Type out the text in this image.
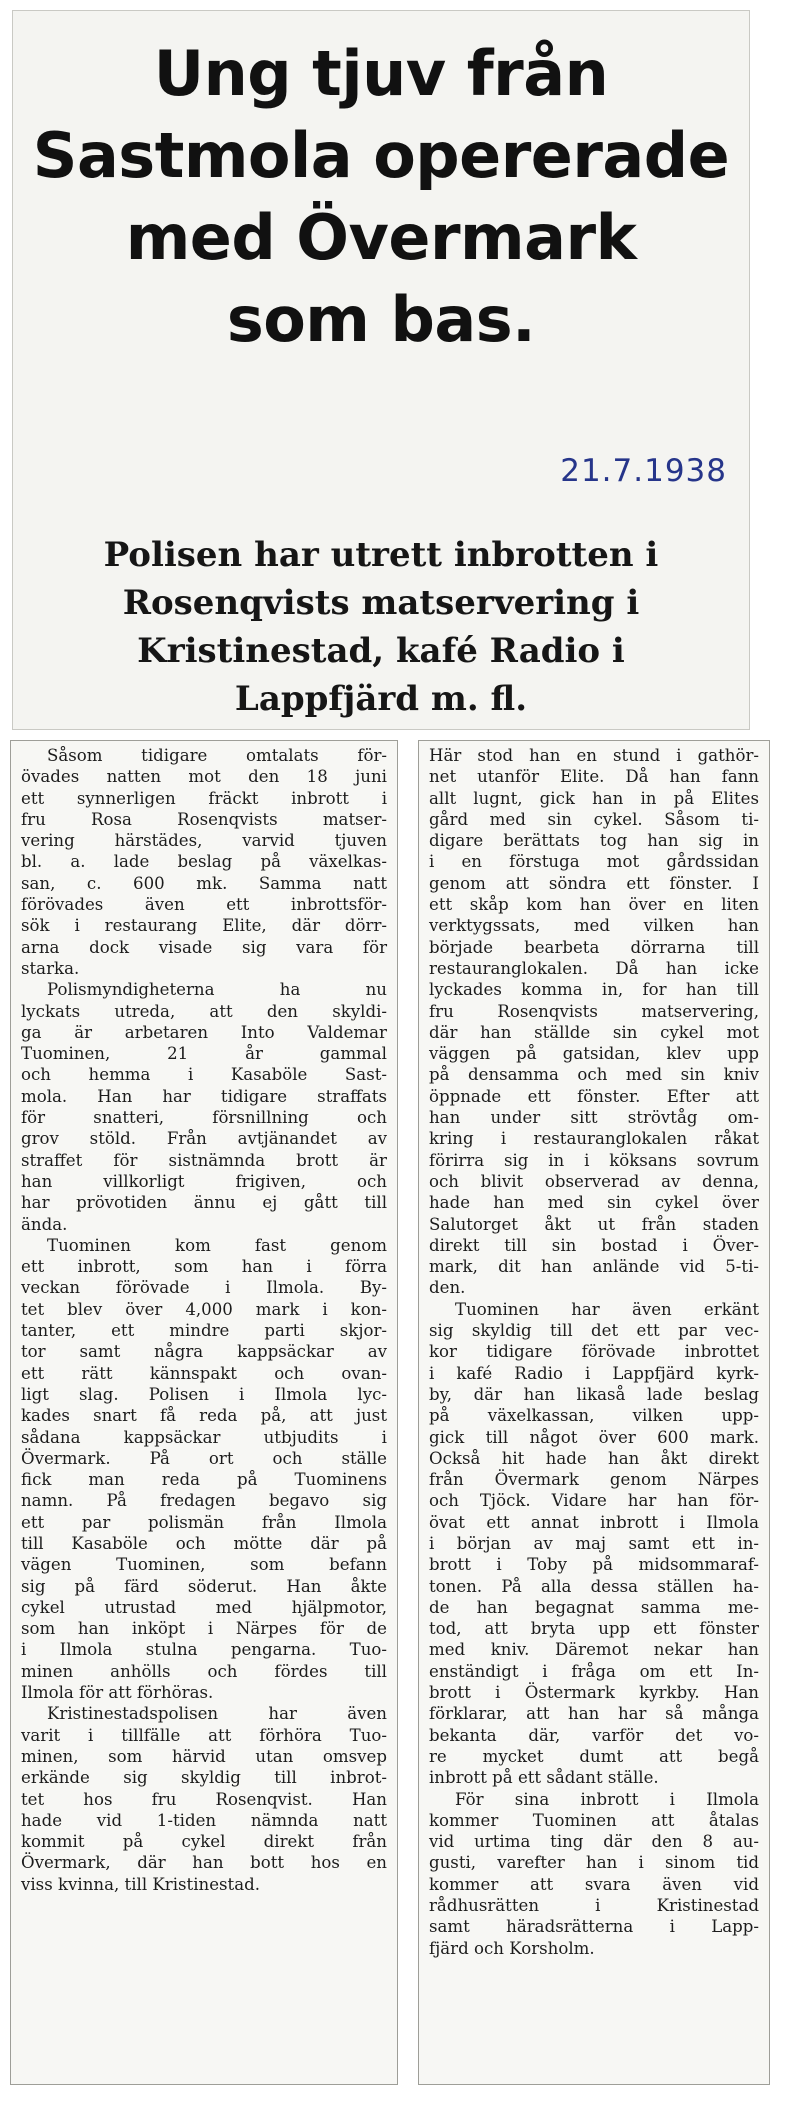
Ung tjuv från
Sastmola opererade
med Övermark
som bas.
21.7.1938
Polisen har utrett inbrotten i
Rosenqvists matservering i
Kristinestad, kafé Radio i
Lappfjärd m. fl.
Såsom tidigare omtalats för-
övades natten mot den 18 juni
ett synnerligen fräckt inbrott i
fru Rosa Rosenqvists matser-
vering härstädes, varvid tjuven
bl. a. lade beslag på växelkas-
san, c. 600 mk. Samma natt
förövades även ett inbrottsför-
sök i restaurang Elite, där dörr-
arna dock visade sig vara för
starka.
Polismyndigheterna ha nu
lyckats utreda, att den skyldi-
ga är arbetaren Into Valdemar
Tuominen, 21 år gammal
och hemma i Kasaböle Sast-
mola. Han har tidigare straffats
för snatteri, försnillning och
grov stöld. Från avtjänandet av
straffet för sistnämnda brott är
han villkorligt frigiven, och
har prövotiden ännu ej gått till
ända.
Tuominen kom fast genom
ett inbrott, som han i förra
veckan förövade i Ilmola. By-
tet blev över 4,000 mark i kon-
tanter, ett mindre parti skjor-
tor samt några kappsäckar av
ett rätt kännspakt och ovan-
ligt slag. Polisen i Ilmola lyc-
kades snart få reda på, att just
sådana kappsäckar utbjudits i
Övermark. På ort och ställe
fick man reda på Tuominens
namn. På fredagen begavo sig
ett par polismän från Ilmola
till Kasaböle och mötte där på
vägen Tuominen, som befann
sig på färd söderut. Han åkte
cykel utrustad med hjälpmotor,
som han inköpt i Närpes för de
i Ilmola stulna pengarna. Tuo-
minen anhölls och fördes till
Ilmola för att förhöras.
Kristinestadspolisen har även
varit i tillfälle att förhöra Tuo-
minen, som härvid utan omsvep
erkände sig skyldig till inbrot-
tet hos fru Rosenqvist. Han
hade vid 1-tiden nämnda natt
kommit på cykel direkt från
Övermark, där han bott hos en
viss kvinna, till Kristinestad.
Här stod han en stund i gathör-
net utanför Elite. Då han fann
allt lugnt, gick han in på Elites
gård med sin cykel. Såsom ti-
digare berättats tog han sig in
i en förstuga mot gårdssidan
genom att söndra ett fönster. I
ett skåp kom han över en liten
verktygssats, med vilken han
började bearbeta dörrarna till
restauranglokalen. Då han icke
lyckades komma in, for han till
fru Rosenqvists matservering,
där han ställde sin cykel mot
väggen på gatsidan, klev upp
på densamma och med sin kniv
öppnade ett fönster. Efter att
han under sitt strövtåg om-
kring i restauranglokalen råkat
förirra sig in i köksans sovrum
och blivit observerad av denna,
hade han med sin cykel över
Salutorget åkt ut från staden
direkt till sin bostad i Över-
mark, dit han anlände vid 5-ti-
den.
Tuominen har även erkänt
sig skyldig till det ett par vec-
kor tidigare förövade inbrottet
i kafé Radio i Lappfjärd kyrk-
by, där han likaså lade beslag
på växelkassan, vilken upp-
gick till något över 600 mark.
Också hit hade han åkt direkt
från Övermark genom Närpes
och Tjöck. Vidare har han för-
övat ett annat inbrott i Ilmola
i början av maj samt ett in-
brott i Toby på midsommaraf-
tonen. På alla dessa ställen ha-
de han begagnat samma me-
tod, att bryta upp ett fönster
med kniv. Däremot nekar han
enständigt i fråga om ett In-
brott i Östermark kyrkby. Han
förklarar, att han har så många
bekanta där, varför det vo-
re mycket dumt att begå
inbrott på ett sådant ställe.
För sina inbrott i Ilmola
kommer Tuominen att åtalas
vid urtima ting där den 8 au-
gusti, varefter han i sinom tid
kommer att svara även vid
rådhusrätten i Kristinestad
samt häradsrätterna i Lapp-
fjärd och Korsholm.
